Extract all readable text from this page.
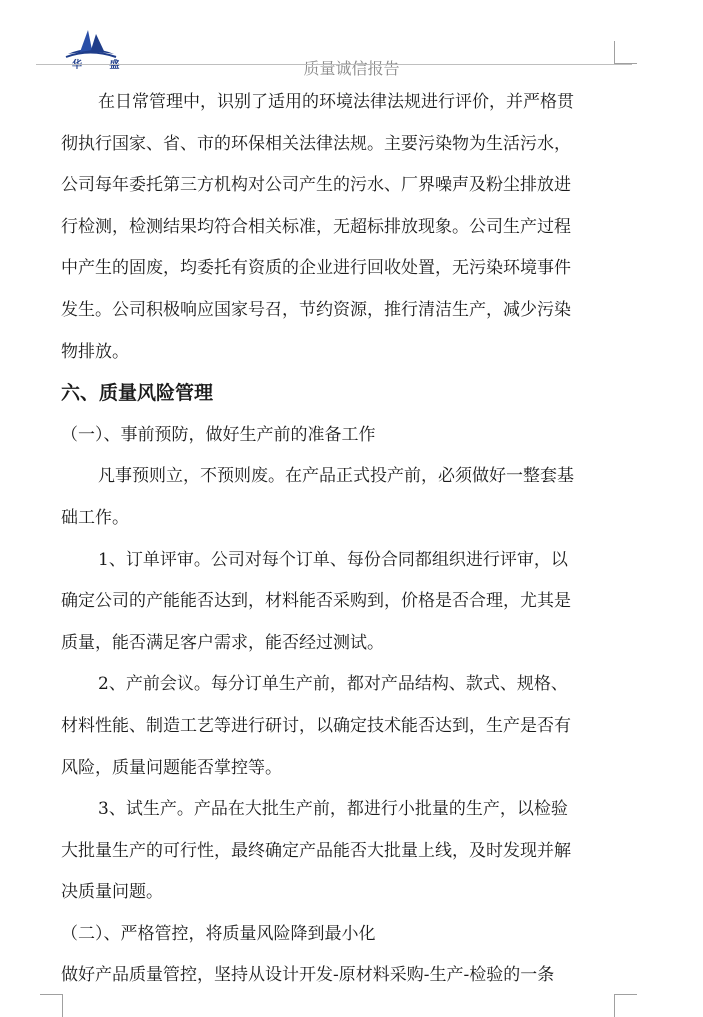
华 盛	质量诚信报告

在日常管理中，识别了适用的环境法律法规进行评价，并严格贯
彻执行国家、省、市的环保相关法律法规。主要污染物为生活污水，
公司每年委托第三方机构对公司产生的污水、厂界噪声及粉尘排放进
行检测，检测结果均符合相关标准，无超标排放现象。公司生产过程
中产生的固废，均委托有资质的企业进行回收处置，无污染环境事件
发生。公司积极响应国家号召，节约资源，推行清洁生产，减少污染
物排放。

六、质量风险管理

（一）、事前预防，做好生产前的准备工作

凡事预则立，不预则废。在产品正式投产前，必须做好一整套基
础工作。

1、订单评审。公司对每个订单、每份合同都组织进行评审，以
确定公司的产能能否达到，材料能否采购到，价格是否合理，尤其是
质量，能否满足客户需求，能否经过测试。

2、产前会议。每分订单生产前，都对产品结构、款式、规格、
材料性能、制造工艺等进行研讨，以确定技术能否达到，生产是否有
风险，质量问题能否掌控等。

3、试生产。产品在大批生产前，都进行小批量的生产，以检验
大批量生产的可行性，最终确定产品能否大批量上线，及时发现并解
决质量问题。

（二）、严格管控，将质量风险降到最小化

做好产品质量管控，坚持从设计开发-原材料采购-生产-检验的一条
